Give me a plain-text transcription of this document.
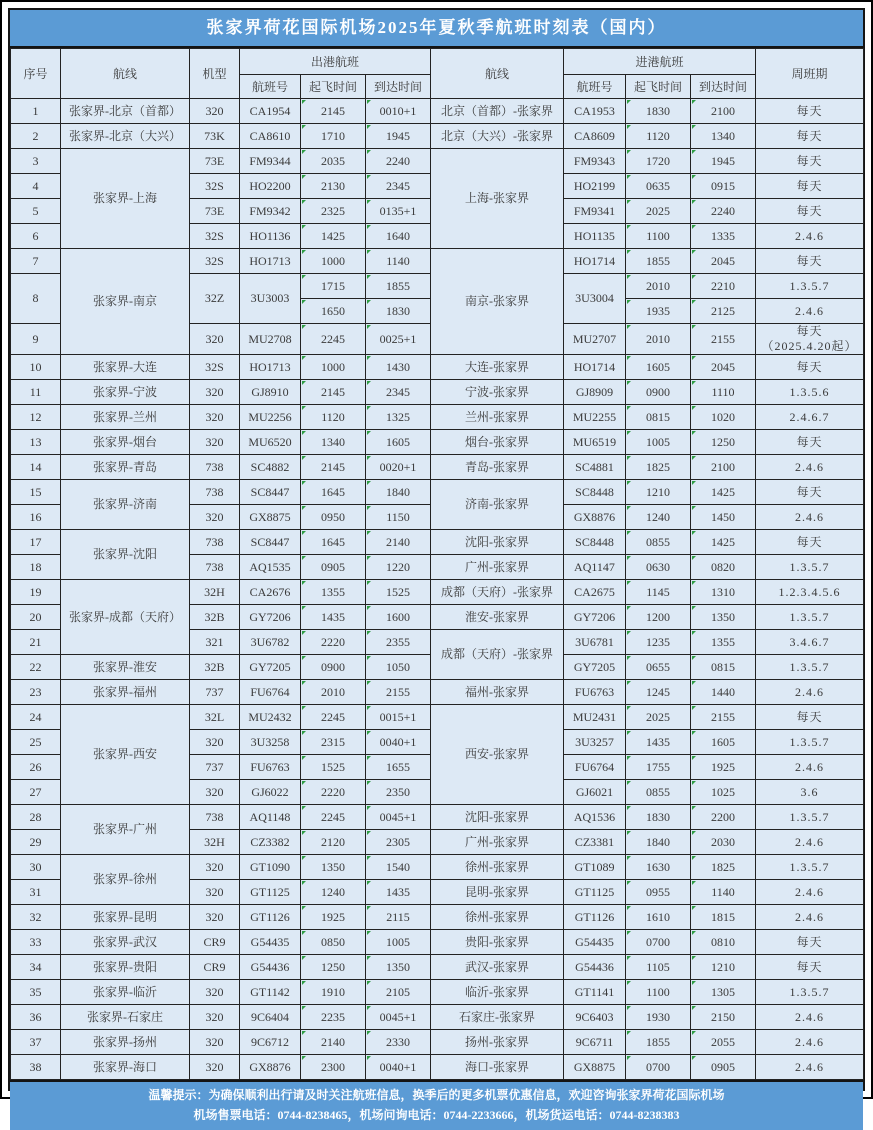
张家界荷花国际机场2025年夏秋季航班时刻表（国内）
序号	航线	机型	出港航班			航线	进港航班			周班期
			航班号	起飞时间	到达时间		航班号	起飞时间	到达时间	
1	张家界-北京（首都）	320	CA1954	2145	0010+1	北京（首都）-张家界	CA1953	1830	2100	每天
2	张家界-北京（大兴）	73K	CA8610	1710	1945	北京（大兴）-张家界	CA8609	1120	1340	每天
3	张家界-上海	73E	FM9344	2035	2240	上海-张家界	FM9343	1720	1945	每天
4		32S	HO2200	2130	2345		HO2199	0635	0915	每天
5		73E	FM9342	2325	0135+1		FM9341	2025	2240	每天
6		32S	HO1136	1425	1640		HO1135	1100	1335	2.4.6
7	张家界-南京	32S	HO1713	1000	1140	南京-张家界	HO1714	1855	2045	每天
8		32Z	3U3003	1715	1855		3U3004	2010	2210	1.3.5.7
				1650	1830			1935	2125	2.4.6
9		320	MU2708	2245	0025+1		MU2707	2010	2155	每天
（2025.4.20起）
10	张家界-大连	32S	HO1713	1000	1430	大连-张家界	HO1714	1605	2045	每天
11	张家界-宁波	320	GJ8910	2145	2345	宁波-张家界	GJ8909	0900	1110	1.3.5.6
12	张家界-兰州	320	MU2256	1120	1325	兰州-张家界	MU2255	0815	1020	2.4.6.7
13	张家界-烟台	320	MU6520	1340	1605	烟台-张家界	MU6519	1005	1250	每天
14	张家界-青岛	738	SC4882	2145	0020+1	青岛-张家界	SC4881	1825	2100	2.4.6
15	张家界-济南	738	SC8447	1645	1840	济南-张家界	SC8448	1210	1425	每天
16		320	GX8875	0950	1150		GX8876	1240	1450	2.4.6
17	张家界-沈阳	738	SC8447	1645	2140	沈阳-张家界	SC8448	0855	1425	每天
18		738	AQ1535	0905	1220	广州-张家界	AQ1147	0630	0820	1.3.5.7
19	张家界-成都（天府）	32H	CA2676	1355	1525	成都（天府）-张家界	CA2675	1145	1310	1.2.3.4.5.6
20		32B	GY7206	1435	1600	淮安-张家界	GY7206	1200	1350	1.3.5.7
21		321	3U6782	2220	2355	成都（天府）-张家界	3U6781	1235	1355	3.4.6.7
22	张家界-淮安	32B	GY7205	0900	1050		GY7205	0655	0815	1.3.5.7
23	张家界-福州	737	FU6764	2010	2155	福州-张家界	FU6763	1245	1440	2.4.6
24	张家界-西安	32L	MU2432	2245	0015+1	西安-张家界	MU2431	2025	2155	每天
25		320	3U3258	2315	0040+1		3U3257	1435	1605	1.3.5.7
26		737	FU6763	1525	1655		FU6764	1755	1925	2.4.6
27		320	GJ6022	2220	2350		GJ6021	0855	1025	3.6
28	张家界-广州	738	AQ1148	2245	0045+1	沈阳-张家界	AQ1536	1830	2200	1.3.5.7
29		32H	CZ3382	2120	2305	广州-张家界	CZ3381	1840	2030	2.4.6
30	张家界-徐州	320	GT1090	1350	1540	徐州-张家界	GT1089	1630	1825	1.3.5.7
31		320	GT1125	1240	1435	昆明-张家界	GT1125	0955	1140	2.4.6
32	张家界-昆明	320	GT1126	1925	2115	徐州-张家界	GT1126	1610	1815	2.4.6
33	张家界-武汉	CR9	G54435	0850	1005	贵阳-张家界	G54435	0700	0810	每天
34	张家界-贵阳	CR9	G54436	1250	1350	武汉-张家界	G54436	1105	1210	每天
35	张家界-临沂	320	GT1142	1910	2105	临沂-张家界	GT1141	1100	1305	1.3.5.7
36	张家界-石家庄	320	9C6404	2235	0045+1	石家庄-张家界	9C6403	1930	2150	2.4.6
37	张家界-扬州	320	9C6712	2140	2330	扬州-张家界	9C6711	1855	2055	2.4.6
38	张家界-海口	320	GX8876	2300	0040+1	海口-张家界	GX8875	0700	0905	2.4.6
温馨提示：为确保顺利出行请及时关注航班信息，换季后的更多机票优惠信息，欢迎咨询张家界荷花国际机场
机场售票电话：0744-8238465，机场问询电话：0744-2233666，机场货运电话：0744-8238383
